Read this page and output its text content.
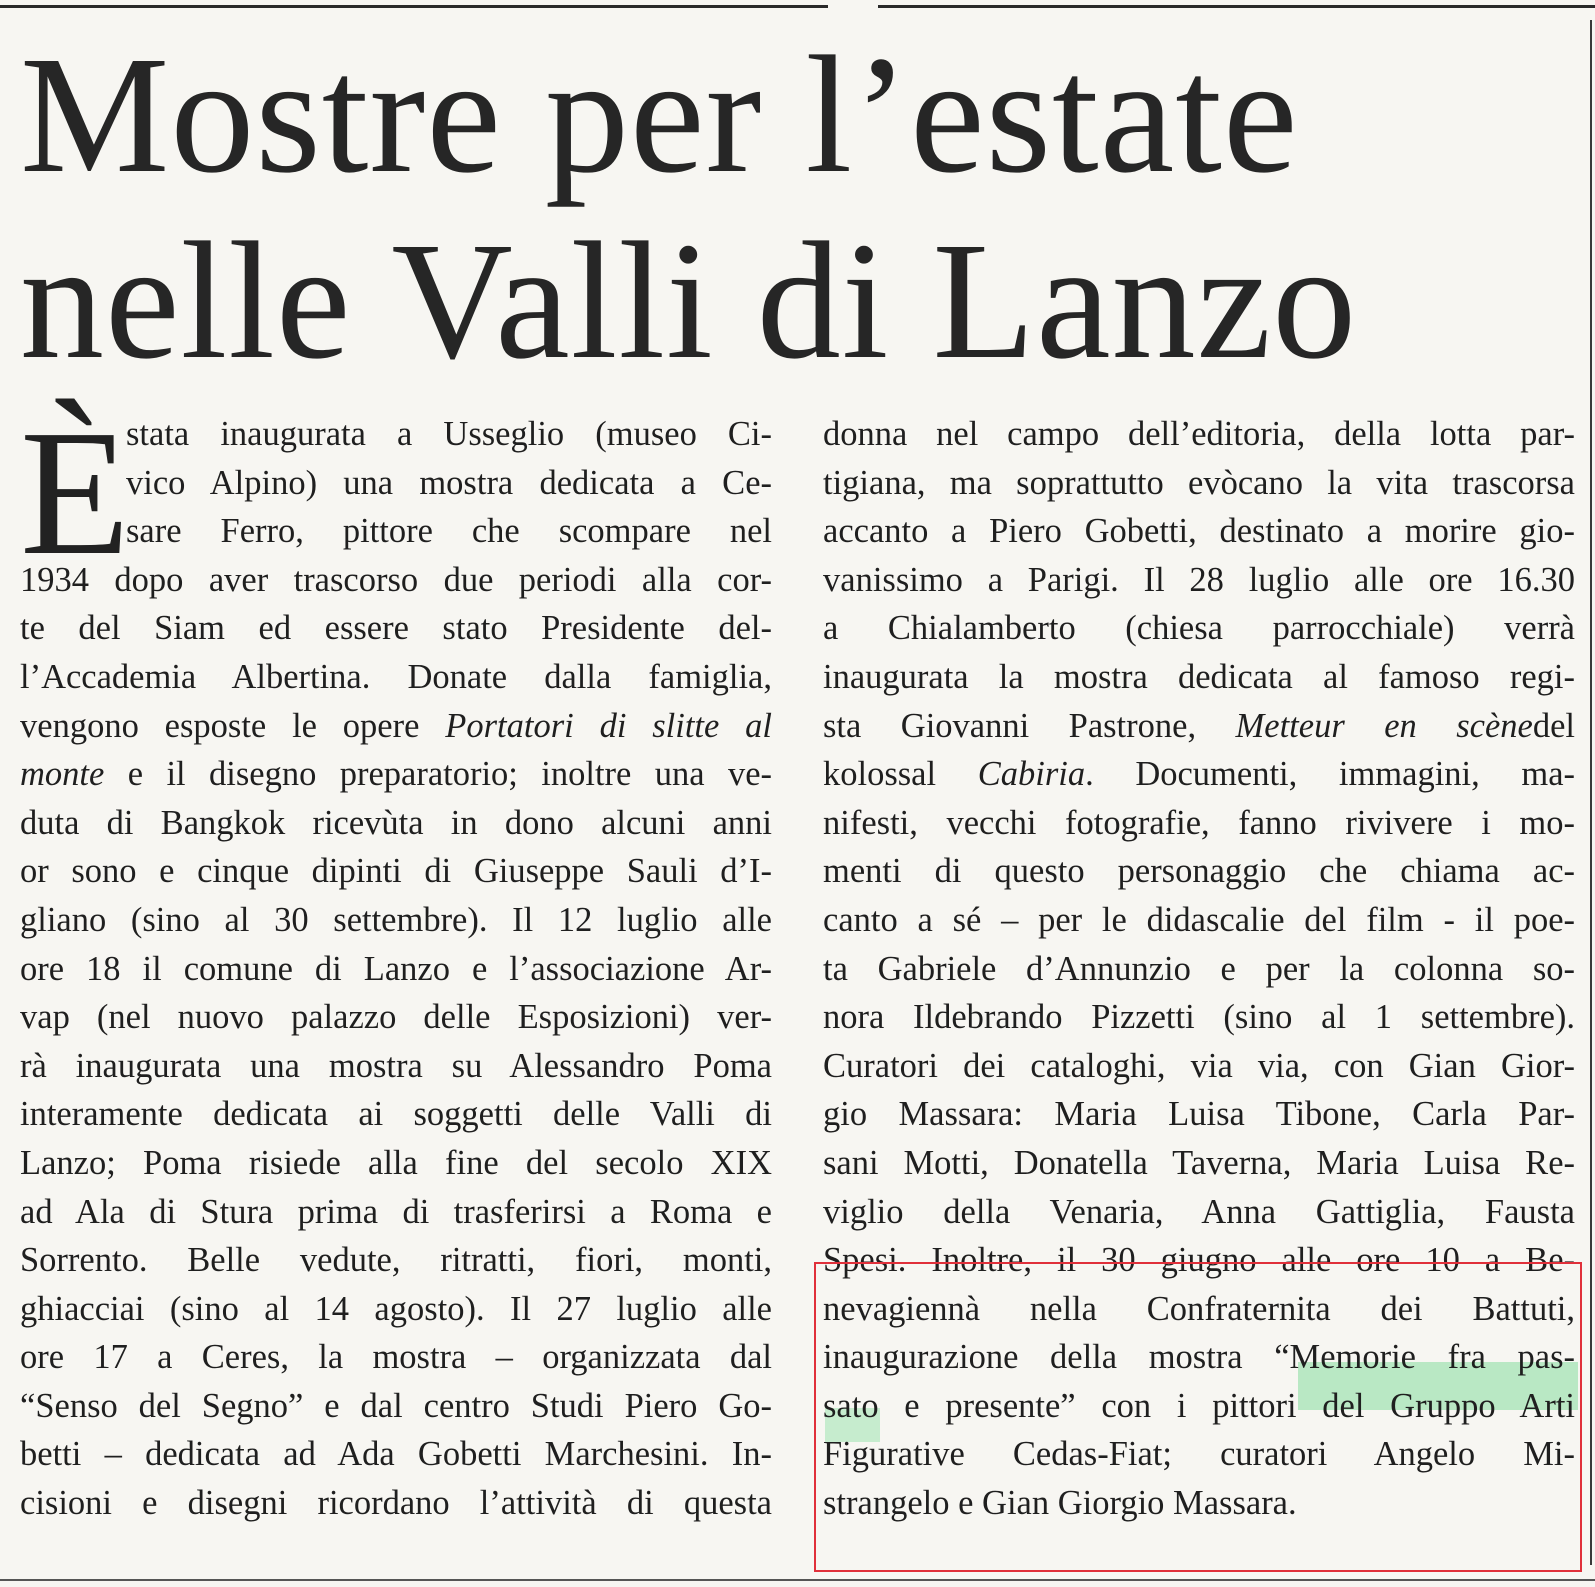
Mostre per l’estate
nelle Valli di Lanzo
È
stata inaugurata a Usseglio (museo Ci-
vico Alpino) una mostra dedicata a Ce-
sare Ferro, pittore che scompare nel
1934 dopo aver trascorso due periodi alla cor-
te del Siam ed essere stato Presidente del-
l’Accademia Albertina. Donate dalla famiglia,
vengono esposte le opere Portatori di slitte al
monte e il disegno preparatorio; inoltre una ve-
duta di Bangkok ricevùta in dono alcuni anni
or sono e cinque dipinti di Giuseppe Sauli d’I-
gliano (sino al 30 settembre). Il 12 luglio alle
ore 18 il comune di Lanzo e l’associazione Ar-
vap (nel nuovo palazzo delle Esposizioni) ver-
rà inaugurata una mostra su Alessandro Poma
interamente dedicata ai soggetti delle Valli di
Lanzo; Poma risiede alla fine del secolo XIX
ad Ala di Stura prima di trasferirsi a Roma e
Sorrento. Belle vedute, ritratti, fiori, monti,
ghiacciai (sino al 14 agosto). Il 27 luglio alle
ore 17 a Ceres, la mostra – organizzata dal
“Senso del Segno” e dal centro Studi Piero Go-
betti – dedicata ad Ada Gobetti Marchesini. In-
cisioni e disegni ricordano l’attività di questa
donna nel campo dell’editoria, della lotta par-
tigiana, ma soprattutto evòcano la vita trascorsa
accanto a Piero Gobetti, destinato a morire gio-
vanissimo a Parigi. Il 28 luglio alle ore 16.30
a Chialamberto (chiesa parrocchiale) verrà
inaugurata la mostra dedicata al famoso regi-
sta Giovanni Pastrone, Metteur en scènedel
kolossal Cabiria. Documenti, immagini, ma-
nifesti, vecchi fotografie, fanno rivivere i mo-
menti di questo personaggio che chiama ac-
canto a sé – per le didascalie del film - il poe-
ta Gabriele d’Annunzio e per la colonna so-
nora Ildebrando Pizzetti (sino al 1 settembre).
Curatori dei cataloghi, via via, con Gian Gior-
gio Massara: Maria Luisa Tibone, Carla Par-
sani Motti, Donatella Taverna, Maria Luisa Re-
viglio della Venaria, Anna Gattiglia, Fausta
Spesi. Inoltre, il 30 giugno alle ore 10 a Be-
nevagiennà nella Confraternita dei Battuti,
inaugurazione della mostra “Memorie fra pas-
sato e presente” con i pittori del Gruppo Arti
Figurative Cedas-Fiat; curatori Angelo Mi-
strangelo e Gian Giorgio Massara.
